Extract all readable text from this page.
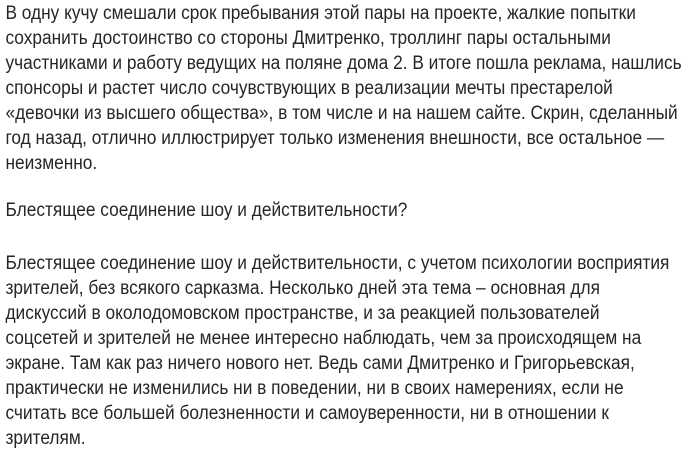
В одну кучу смешали срок пребывания этой пары на проекте, жалкие попытки
сохранить достоинство со стороны Дмитренко, троллинг пары остальными
участниками и работу ведущих на поляне дома 2. В итоге пошла реклама, нашлись
спонсоры и растет число сочувствующих в реализации мечты престарелой
«девочки из высшего общества», в том числе и на нашем сайте. Скрин, сделанный
год назад, отлично иллюстрирует только изменения внешности, все остальное —
неизменно.

Блестящее соединение шоу и действительности?

Блестящее соединение шоу и действительности, с учетом психологии восприятия
зрителей, без всякого сарказма. Несколько дней эта тема – основная для
дискуссий в околодомовском пространстве, и за реакцией пользователей
соцсетей и зрителей не менее интересно наблюдать, чем за происходящем на
экране. Там как раз ничего нового нет. Ведь сами Дмитренко и Григорьевская,
практически не изменились ни в поведении, ни в своих намерениях, если не
считать все большей болезненности и самоуверенности, ни в отношении к
зрителям.
